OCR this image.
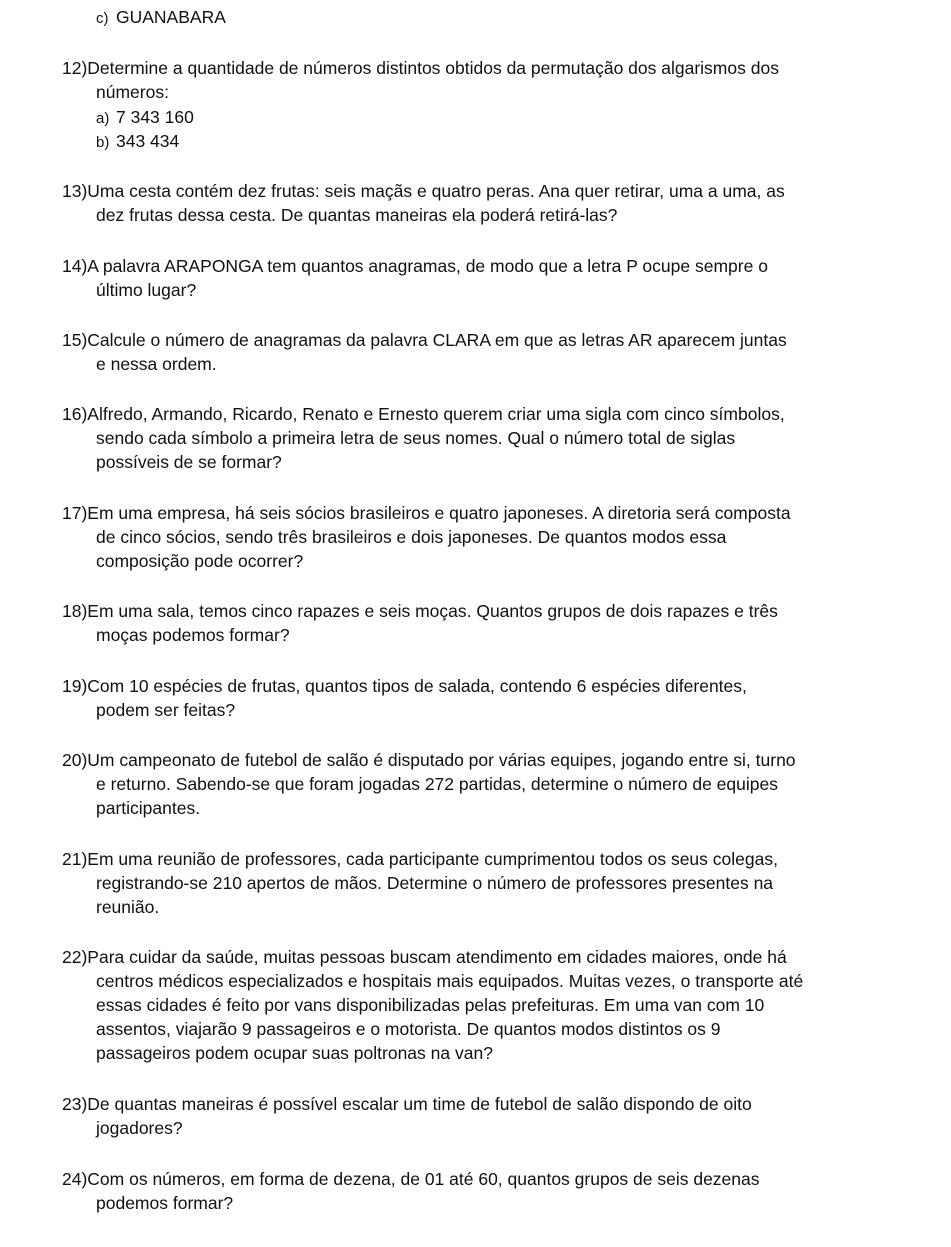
c) GUANABARA
12)Determine a quantidade de números distintos obtidos da permutação dos algarismos dos
números:
a) 7 343 160
b) 343 434
13)Uma cesta contém dez frutas: seis maçãs e quatro peras. Ana quer retirar, uma a uma, as
dez frutas dessa cesta. De quantas maneiras ela poderá retirá-las?
14)A palavra ARAPONGA tem quantos anagramas, de modo que a letra P ocupe sempre o
último lugar?
15)Calcule o número de anagramas da palavra CLARA em que as letras AR aparecem juntas
e nessa ordem.
16)Alfredo, Armando, Ricardo, Renato e Ernesto querem criar uma sigla com cinco símbolos,
sendo cada símbolo a primeira letra de seus nomes. Qual o número total de siglas
possíveis de se formar?
17)Em uma empresa, há seis sócios brasileiros e quatro japoneses. A diretoria será composta
de cinco sócios, sendo três brasileiros e dois japoneses. De quantos modos essa
composição pode ocorrer?
18)Em uma sala, temos cinco rapazes e seis moças. Quantos grupos de dois rapazes e três
moças podemos formar?
19)Com 10 espécies de frutas, quantos tipos de salada, contendo 6 espécies diferentes,
podem ser feitas?
20)Um campeonato de futebol de salão é disputado por várias equipes, jogando entre si, turno
e returno. Sabendo-se que foram jogadas 272 partidas, determine o número de equipes
participantes.
21)Em uma reunião de professores, cada participante cumprimentou todos os seus colegas,
registrando-se 210 apertos de mãos. Determine o número de professores presentes na
reunião.
22)Para cuidar da saúde, muitas pessoas buscam atendimento em cidades maiores, onde há
centros médicos especializados e hospitais mais equipados. Muitas vezes, o transporte até
essas cidades é feito por vans disponibilizadas pelas prefeituras. Em uma van com 10
assentos, viajarão 9 passageiros e o motorista. De quantos modos distintos os 9
passageiros podem ocupar suas poltronas na van?
23)De quantas maneiras é possível escalar um time de futebol de salão dispondo de oito
jogadores?
24)Com os números, em forma de dezena, de 01 até 60, quantos grupos de seis dezenas
podemos formar?
